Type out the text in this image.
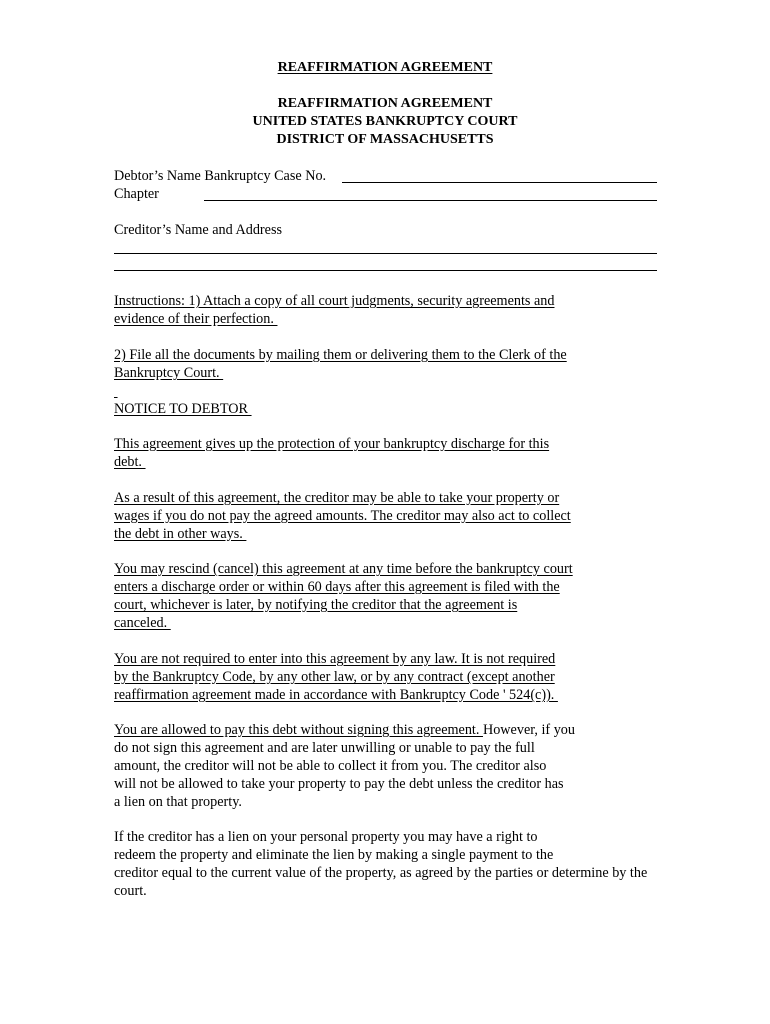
REAFFIRMATION AGREEMENT
REAFFIRMATION AGREEMENT
UNITED STATES BANKRUPTCY COURT
DISTRICT OF MASSACHUSETTS
Debtor’s Name Bankruptcy Case No.
Chapter
Creditor’s Name and Address
Instructions: 1) Attach a copy of all court judgments, security agreements and
evidence of their perfection.
2) File all the documents by mailing them or delivering them to the Clerk of the
Bankruptcy Court.

NOTICE TO DEBTOR
This agreement gives up the protection of your bankruptcy discharge for this
debt.
As a result of this agreement, the creditor may be able to take your property or
wages if you do not pay the agreed amounts. The creditor may also act to collect
the debt in other ways.
You may rescind (cancel) this agreement at any time before the bankruptcy court
enters a discharge order or within 60 days after this agreement is filed with the
court, whichever is later, by notifying the creditor that the agreement is
canceled.
You are not required to enter into this agreement by any law. It is not required
by the Bankruptcy Code, by any other law, or by any contract (except another
reaffirmation agreement made in accordance with Bankruptcy Code ' 524(c)).
You are allowed to pay this debt without signing this agreement. However, if you
do not sign this agreement and are later unwilling or unable to pay the full
amount, the creditor will not be able to collect it from you. The creditor also
will not be allowed to take your property to pay the debt unless the creditor has
a lien on that property.
If the creditor has a lien on your personal property you may have a right to
redeem the property and eliminate the lien by making a single payment to the
creditor equal to the current value of the property, as agreed by the parties or determine by the
court.
